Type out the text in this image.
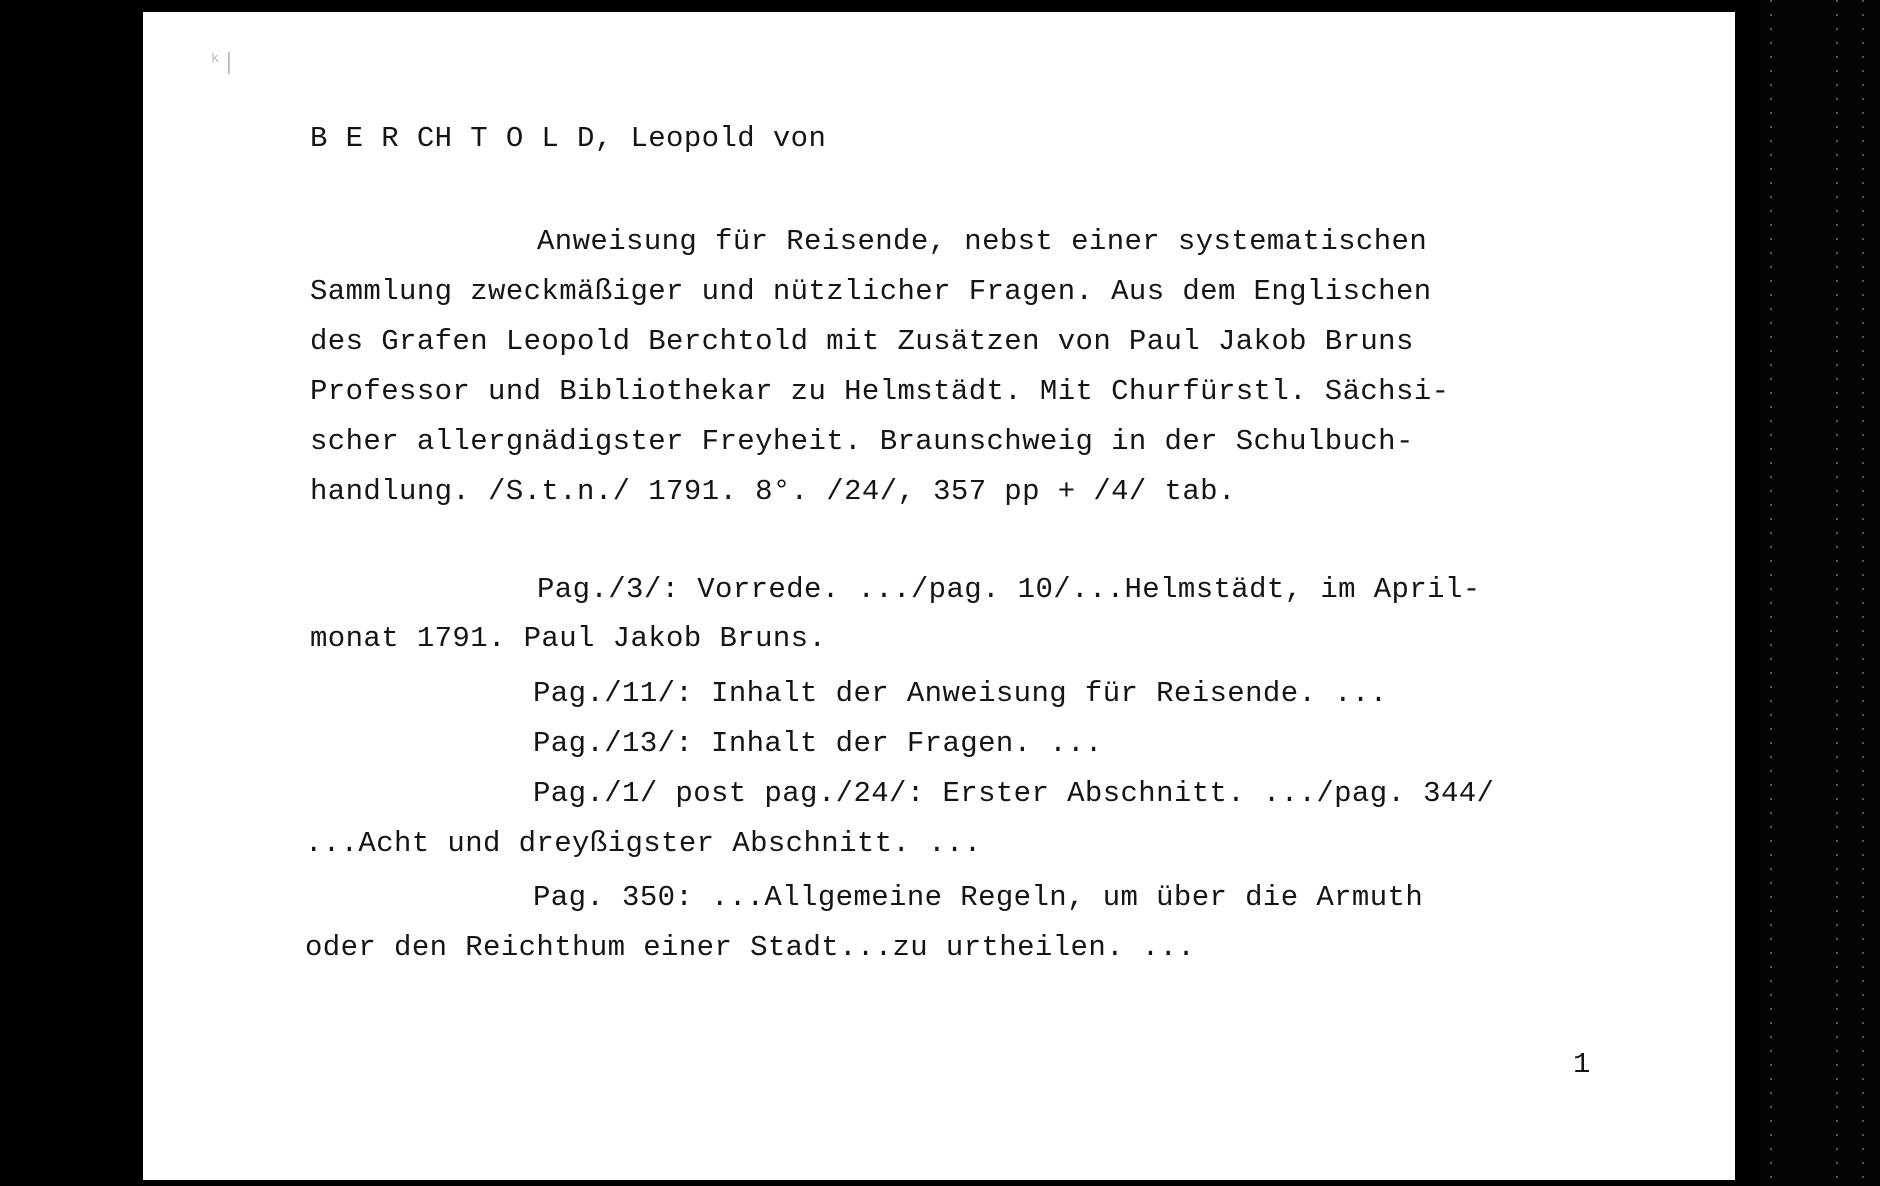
ᵏ|

B E R CH T O L D, Leopold von

Anweisung für Reisende, nebst einer systematischen

Sammlung zweckmäßiger und nützlicher Fragen. Aus dem Englischen

des Grafen Leopold Berchtold mit Zusätzen von Paul Jakob Bruns

Professor und Bibliothekar zu Helmstädt. Mit Churfürstl. Sächsi-

scher allergnädigster Freyheit. Braunschweig in der Schulbuch-

handlung. /S.t.n./ 1791. 8°. /24/, 357 pp + /4/ tab.

Pag./3/: Vorrede. .../pag. 10/...Helmstädt, im April-

monat 1791. Paul Jakob Bruns.

Pag./11/: Inhalt der Anweisung für Reisende. ...

Pag./13/: Inhalt der Fragen. ...

Pag./1/ post pag./24/: Erster Abschnitt. .../pag. 344/

...Acht und dreyßigster Abschnitt. ...

Pag. 350: ...Allgemeine Regeln, um über die Armuth

oder den Reichthum einer Stadt...zu urtheilen. ...

1
